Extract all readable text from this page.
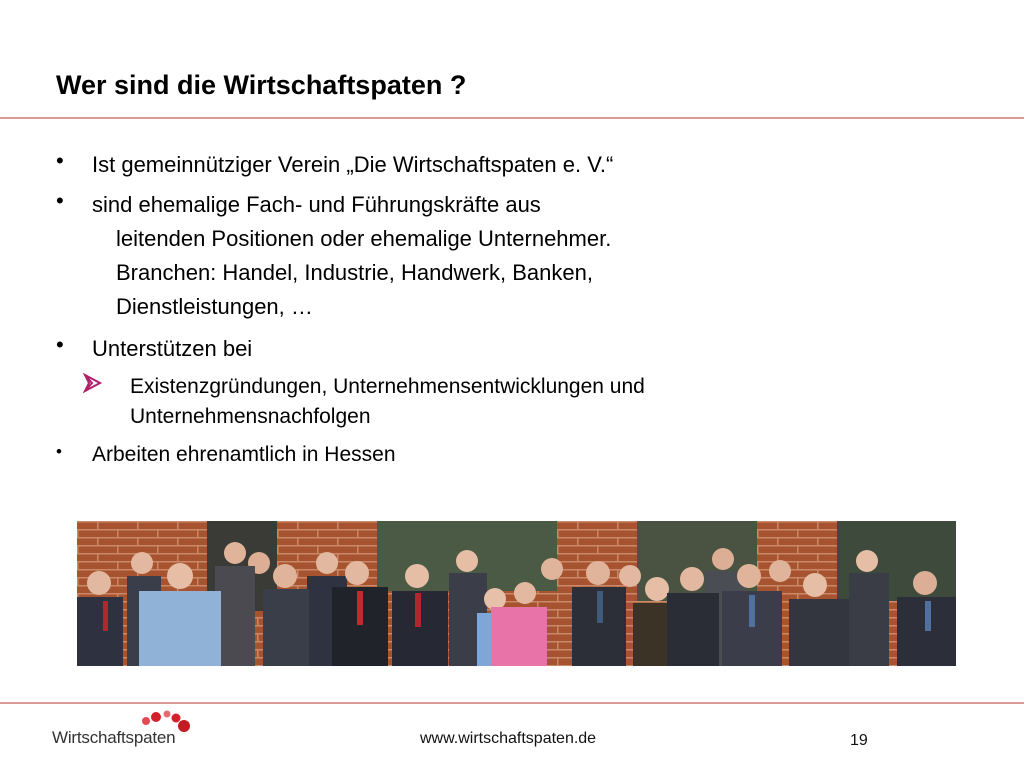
Wer sind die Wirtschaftspaten ?
•	Ist gemeinnütziger Verein „Die Wirtschaftspaten e. V.“
•	sind ehemalige Fach- und Führungskräfte aus
leitenden Positionen oder ehemalige Unternehmer.
Branchen: Handel, Industrie, Handwerk, Banken,
Dienstleistungen, …
•	Unterstützen bei
Existenzgründungen, Unternehmensentwicklungen und
Unternehmensnachfolgen
•	Arbeiten ehrenamtlich in Hessen
Wirtschaftspaten	www.wirtschaftspaten.de	19
